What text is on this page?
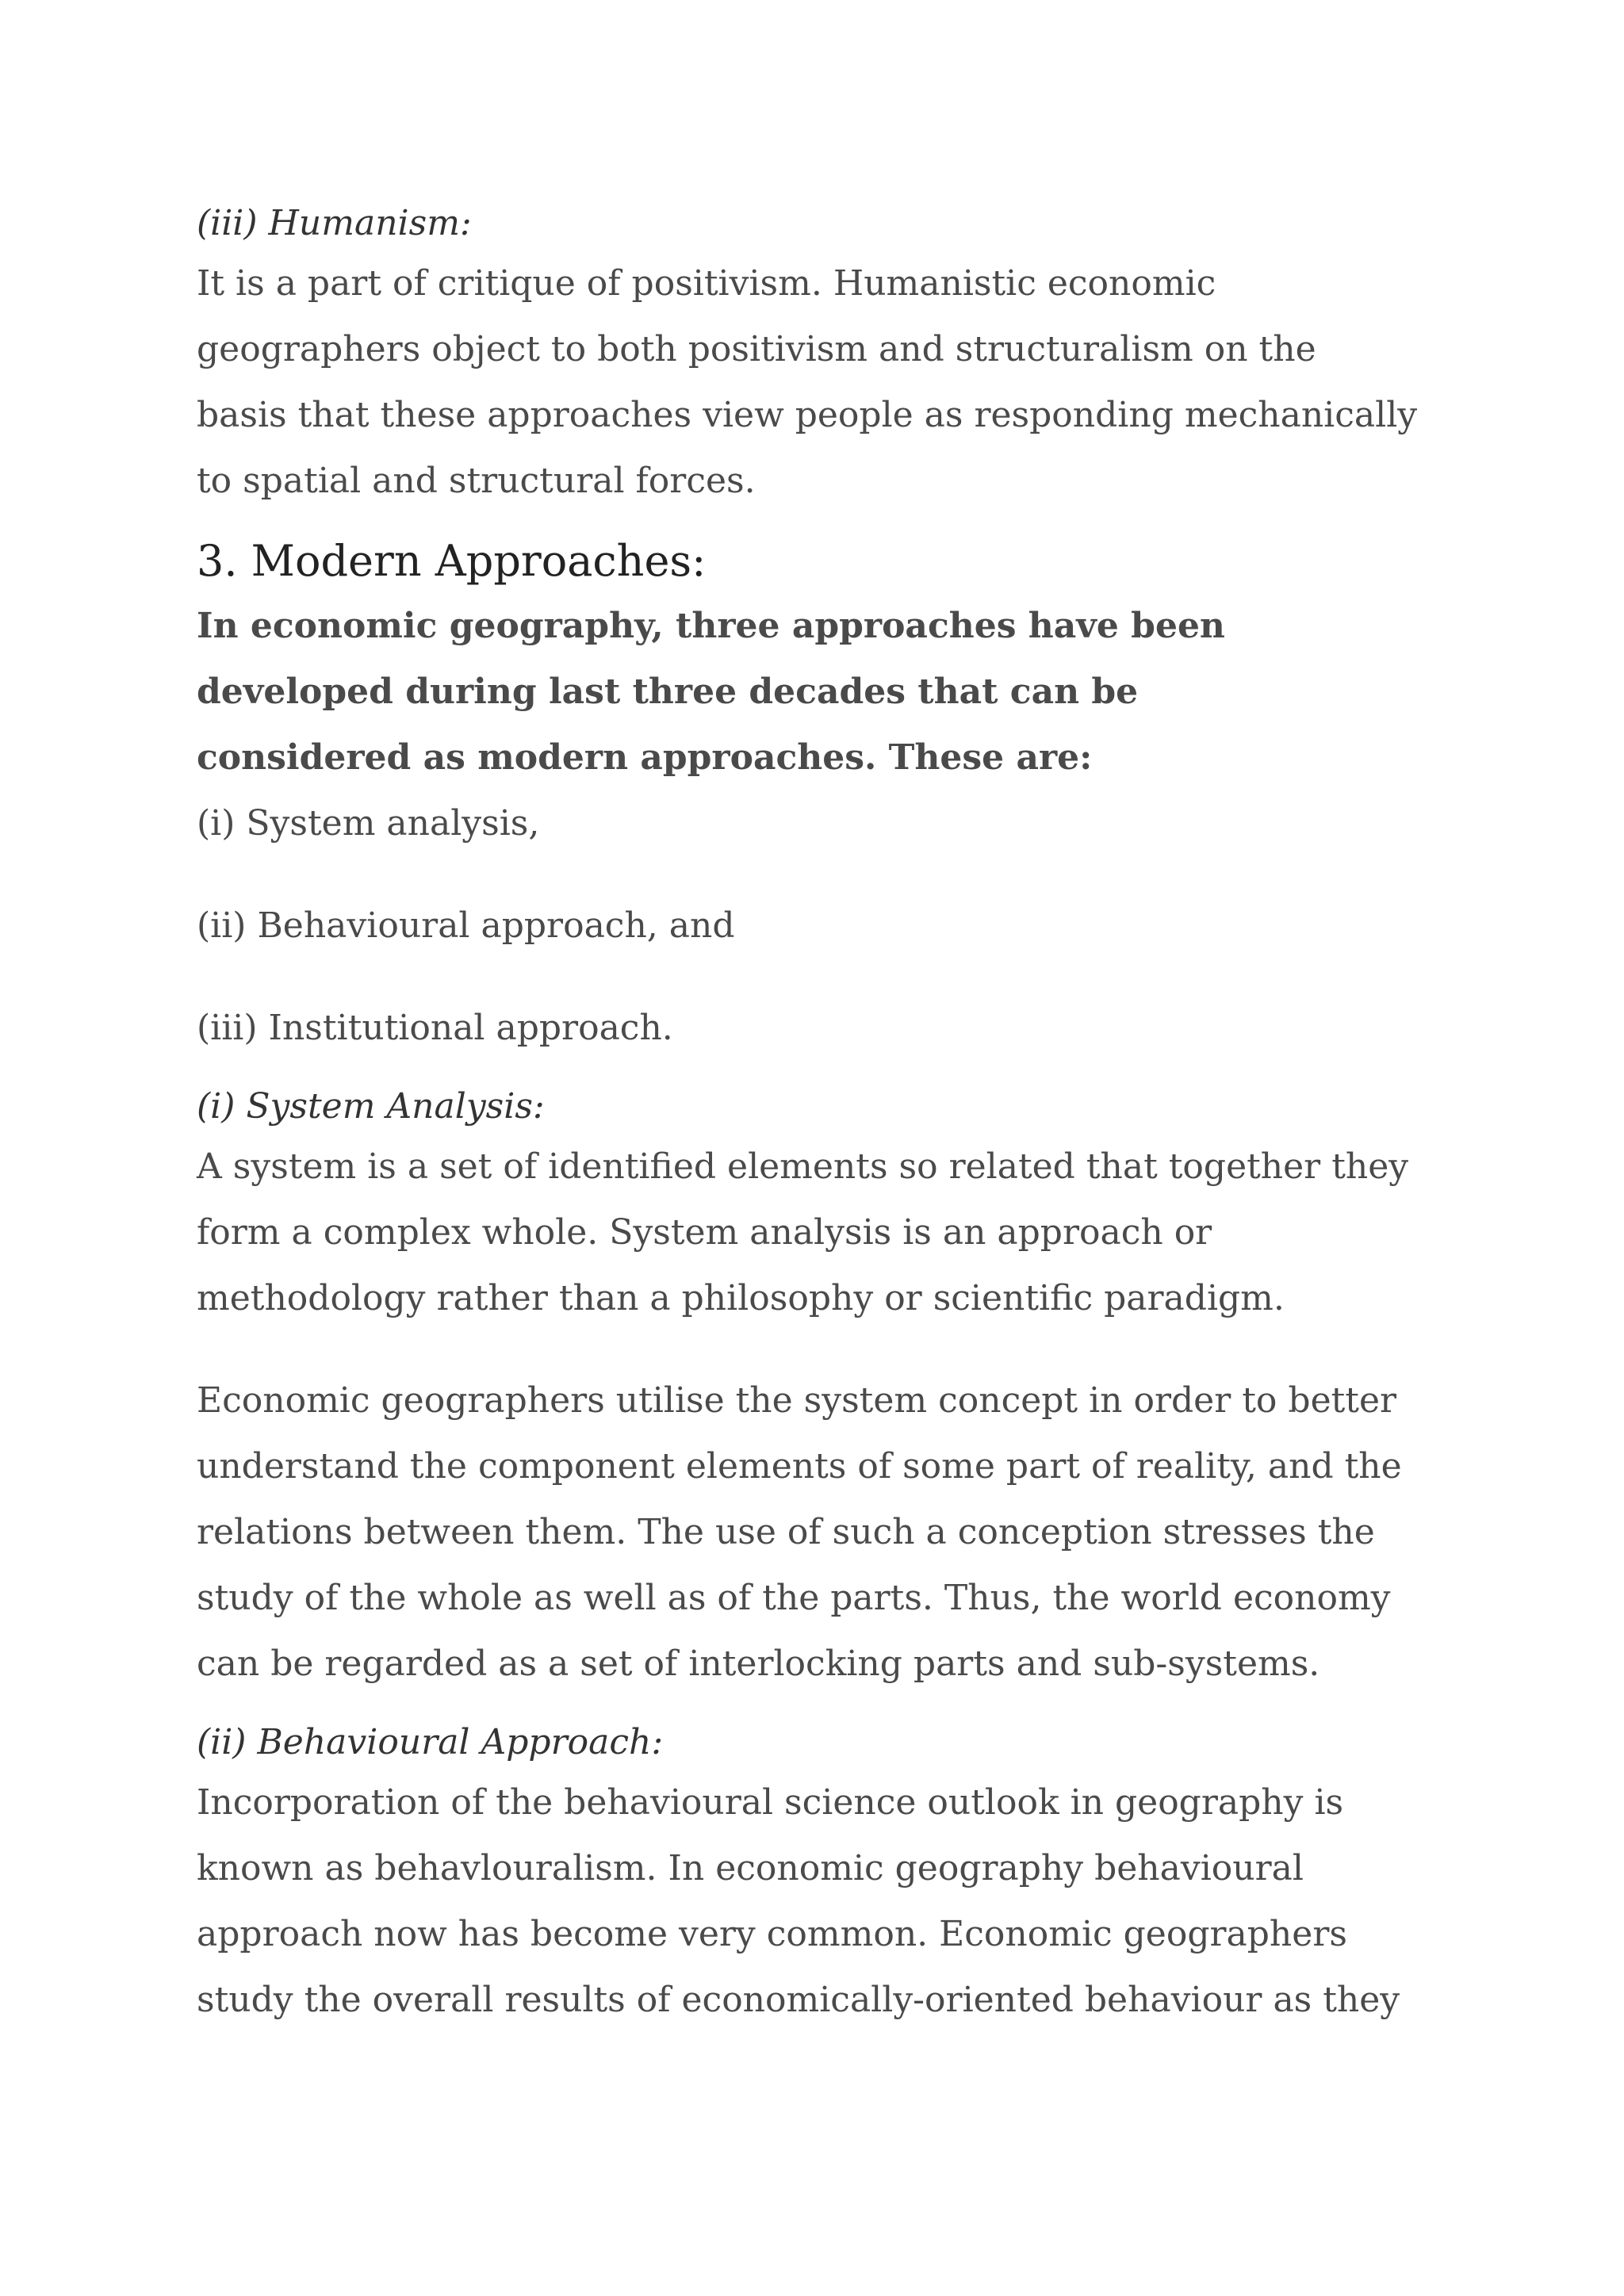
(iii) Humanism:

It is a part of critique of positivism. Humanistic economic
geographers object to both positivism and structuralism on the
basis that these approaches view people as responding mechanically
to spatial and structural forces.
3. Modern Approaches:
In economic geography, three approaches have been
developed during last three decades that can be
considered as modern approaches. These are:
(i) System analysis,
(ii) Behavioural approach, and
(iii) Institutional approach.

(i) System Analysis:

A system is a set of identified elements so related that together they
form a complex whole. System analysis is an approach or
methodology rather than a philosophy or scientific paradigm.
Economic geographers utilise the system concept in order to better
understand the component elements of some part of reality, and the
relations between them. The use of such a conception stresses the
study of the whole as well as of the parts. Thus, the world economy
can be regarded as a set of interlocking parts and sub-systems.

(ii) Behavioural Approach:

Incorporation of the behavioural science outlook in geography is
known as behavlouralism. In economic geography behavioural
approach now has become very common. Economic geographers
study the overall results of economically-oriented behaviour as they
